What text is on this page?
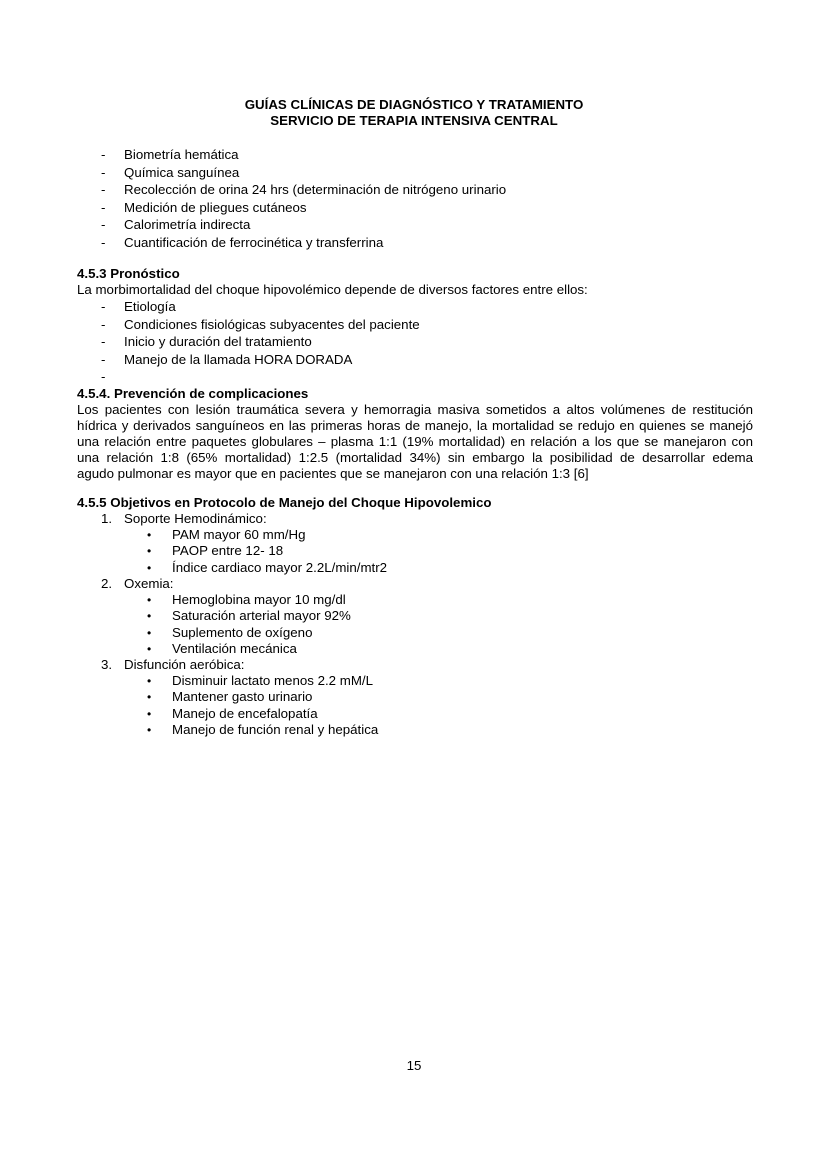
GUÍAS CLÍNICAS DE DIAGNÓSTICO Y TRATAMIENTO
SERVICIO DE TERAPIA INTENSIVA CENTRAL
- Biometría hemática
- Química sanguínea
- Recolección de orina 24 hrs (determinación de nitrógeno urinario
- Medición de pliegues cutáneos
- Calorimetría indirecta
- Cuantificación de ferrocinética y transferrina
4.5.3 Pronóstico
La morbimortalidad del choque hipovolémico depende de diversos factores entre ellos:
- Etiología
- Condiciones fisiológicas subyacentes del paciente
- Inicio y duración del tratamiento
- Manejo de la llamada HORA DORADA
-
4.5.4. Prevención de complicaciones
Los pacientes con lesión traumática severa y hemorragia masiva sometidos a altos volúmenes de restitución
hídrica y derivados sanguíneos en las primeras horas de manejo, la mortalidad se redujo en quienes se manejó
una relación entre paquetes globulares – plasma 1:1 (19% mortalidad) en relación a los que se manejaron con
una relación 1:8 (65% mortalidad) 1:2.5 (mortalidad 34%) sin embargo la posibilidad de desarrollar edema
agudo pulmonar es mayor que en pacientes que se manejaron con una relación 1:3 [6]
4.5.5 Objetivos en Protocolo de Manejo del Choque Hipovolemico
1. Soporte Hemodinámico:
• PAM mayor 60 mm/Hg
• PAOP entre 12- 18
• Índice cardiaco mayor 2.2L/min/mtr2
2. Oxemia:
• Hemoglobina mayor 10 mg/dl
• Saturación arterial mayor 92%
• Suplemento de oxígeno
• Ventilación mecánica
3. Disfunción aeróbica:
• Disminuir lactato menos 2.2 mM/L
• Mantener gasto urinario
• Manejo de encefalopatía
• Manejo de función renal y hepática
15
